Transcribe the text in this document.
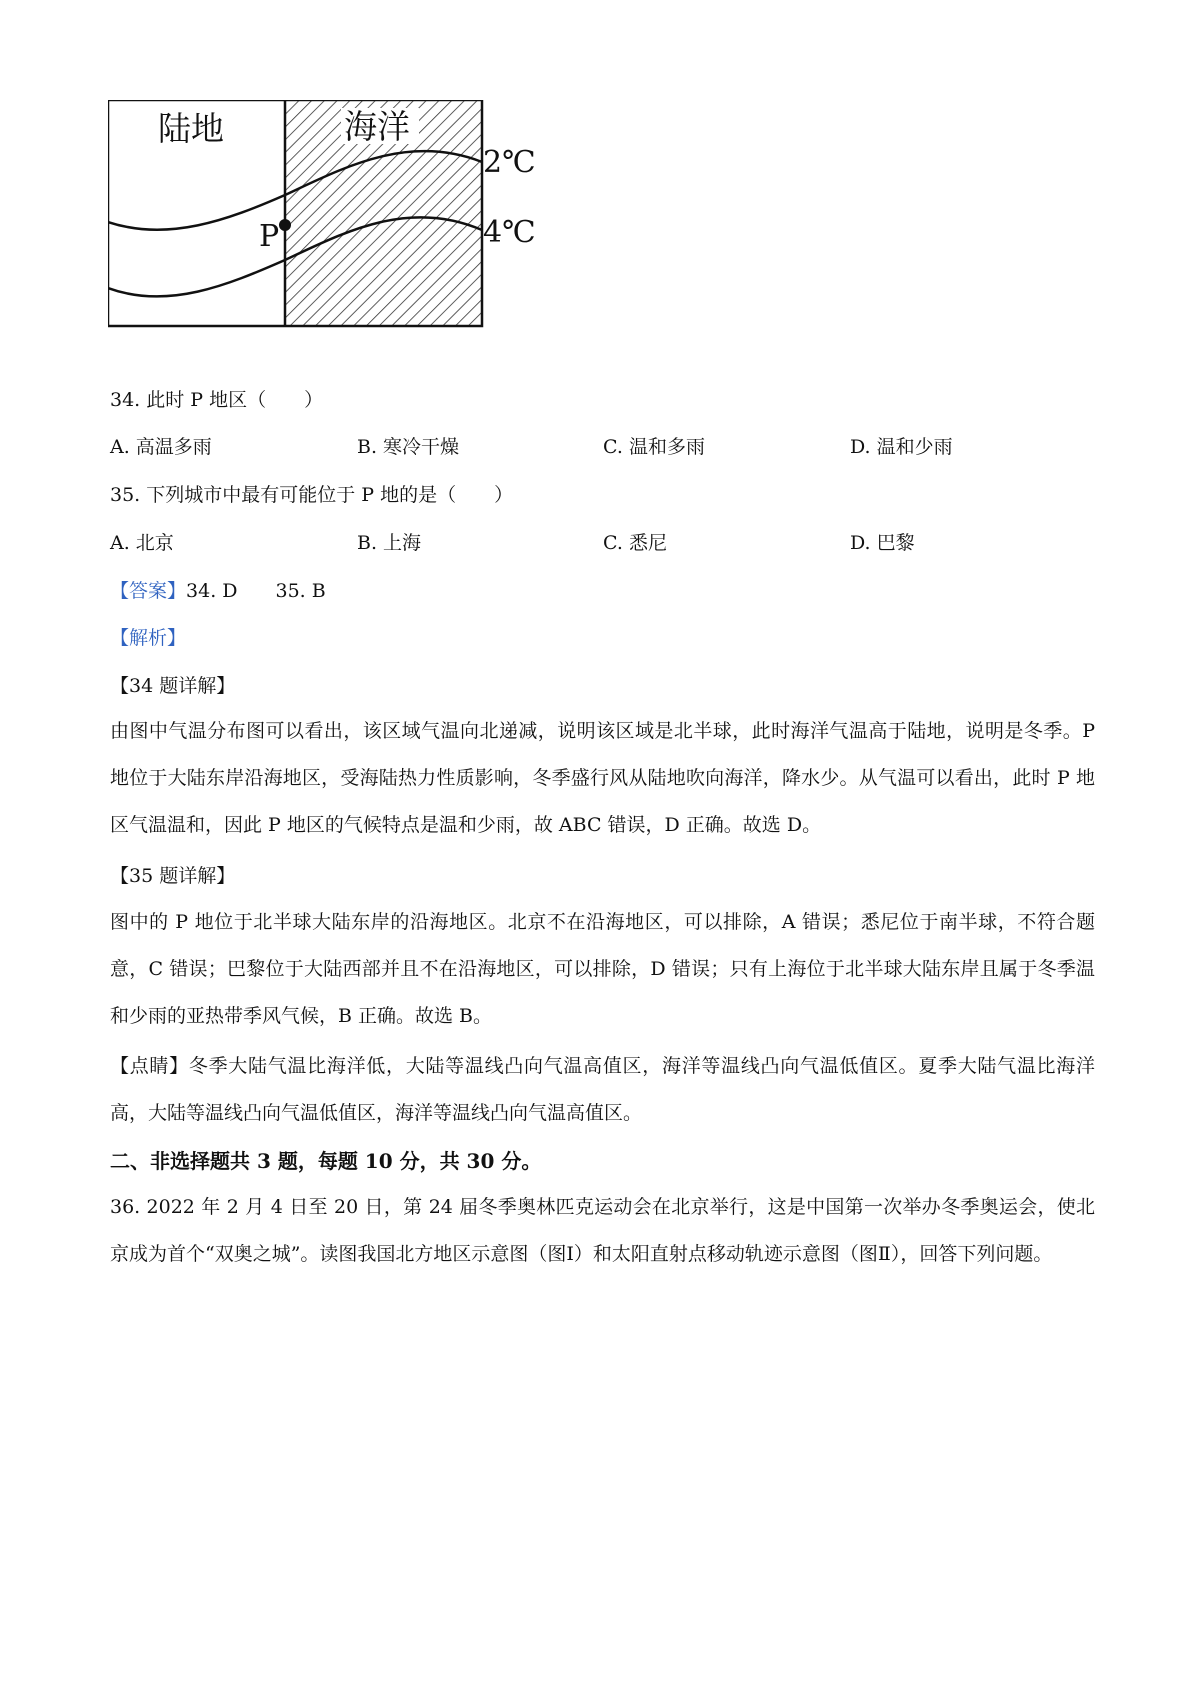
陆地	海洋
P
2℃
4℃
34. 此时 P 地区（　　）
A. 高温多雨	B. 寒冷干燥	C. 温和多雨	D. 温和少雨
35. 下列城市中最有可能位于 P 地的是（　　）
A. 北京	B. 上海	C. 悉尼	D. 巴黎
【答案】34. D　　35. B
【解析】
【34 题详解】
由图中气温分布图可以看出，该区域气温向北递减，说明该区域是北半球，此时海洋气温高于陆地，说明是冬季。P 地位于大陆东岸沿海地区，受海陆热力性质影响，冬季盛行风从陆地吹向海洋，降水少。从气温可以看出，此时 P 地区气温温和，因此 P 地区的气候特点是温和少雨，故 ABC 错误，D 正确。故选 D。
【35 题详解】
图中的 P 地位于北半球大陆东岸的沿海地区。北京不在沿海地区，可以排除，A 错误；悉尼位于南半球，不符合题意，C 错误；巴黎位于大陆西部并且不在沿海地区，可以排除，D 错误；只有上海位于北半球大陆东岸且属于冬季温和少雨的亚热带季风气候，B 正确。故选 B。
【点睛】冬季大陆气温比海洋低，大陆等温线凸向气温高值区，海洋等温线凸向气温低值区。夏季大陆气温比海洋高，大陆等温线凸向气温低值区，海洋等温线凸向气温高值区。
二、非选择题共 3 题，每题 10 分，共 30 分。
36. 2022 年 2 月 4 日至 20 日，第 24 届冬季奥林匹克运动会在北京举行，这是中国第一次举办冬季奥运会，使北京成为首个“双奥之城”。读图我国北方地区示意图（图Ⅰ）和太阳直射点移动轨迹示意图（图Ⅱ），回答下列问题。
